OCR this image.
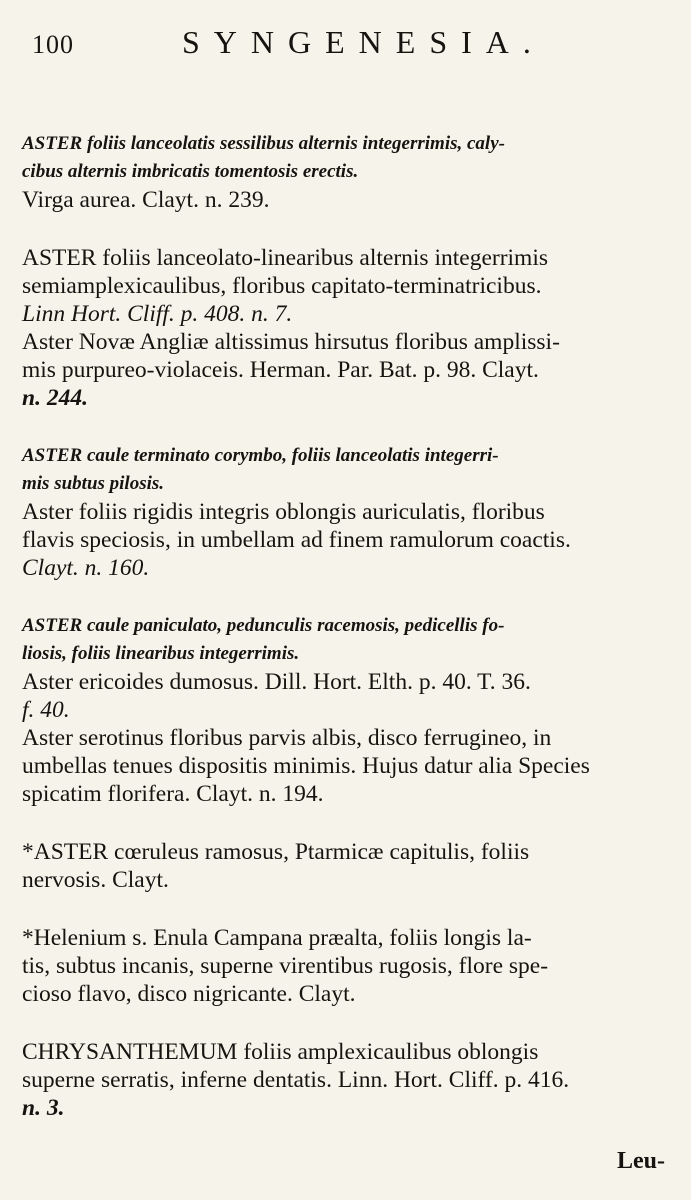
100	SYNGENESIA.
ASTER foliis lanceolatis sessilibus alternis integerrimis, caly-
cibus alternis imbricatis tomentosis erectis.
Virga aurea. Clayt. n. 239.
ASTER foliis lanceolato-linearibus alternis integerrimis
semiamplexicaulibus, floribus capitato-terminatricibus.
Linn Hort. Cliff. p. 408. n. 7.
Aster Novæ Angliæ altissimus hirsutus floribus amplissi-
mis purpureo-violaceis. Herman. Par. Bat. p. 98. Clayt.
n. 244.
ASTER caule terminato corymbo, foliis lanceolatis integerri-
mis subtus pilosis.
Aster foliis rigidis integris oblongis auriculatis, floribus
flavis speciosis, in umbellam ad finem ramulorum coactis.
Clayt. n. 160.
ASTER caule paniculato, pedunculis racemosis, pedicellis fo-
liosis, foliis linearibus integerrimis.
Aster ericoides dumosus. Dill. Hort. Elth. p. 40. T. 36.
f. 40.
Aster serotinus floribus parvis albis, disco ferrugineo, in
umbellas tenues dispositis minimis. Hujus datur alia Species
spicatim florifera. Clayt. n. 194.
*ASTER cœruleus ramosus, Ptarmicæ capitulis, foliis
nervosis. Clayt.
*Helenium s. Enula Campana præalta, foliis longis la-
tis, subtus incanis, superne virentibus rugosis, flore spe-
cioso flavo, disco nigricante. Clayt.
CHRYSANTHEMUM foliis amplexicaulibus oblongis
superne serratis, inferne dentatis. Linn. Hort. Cliff. p. 416.
n. 3.
Leu-
